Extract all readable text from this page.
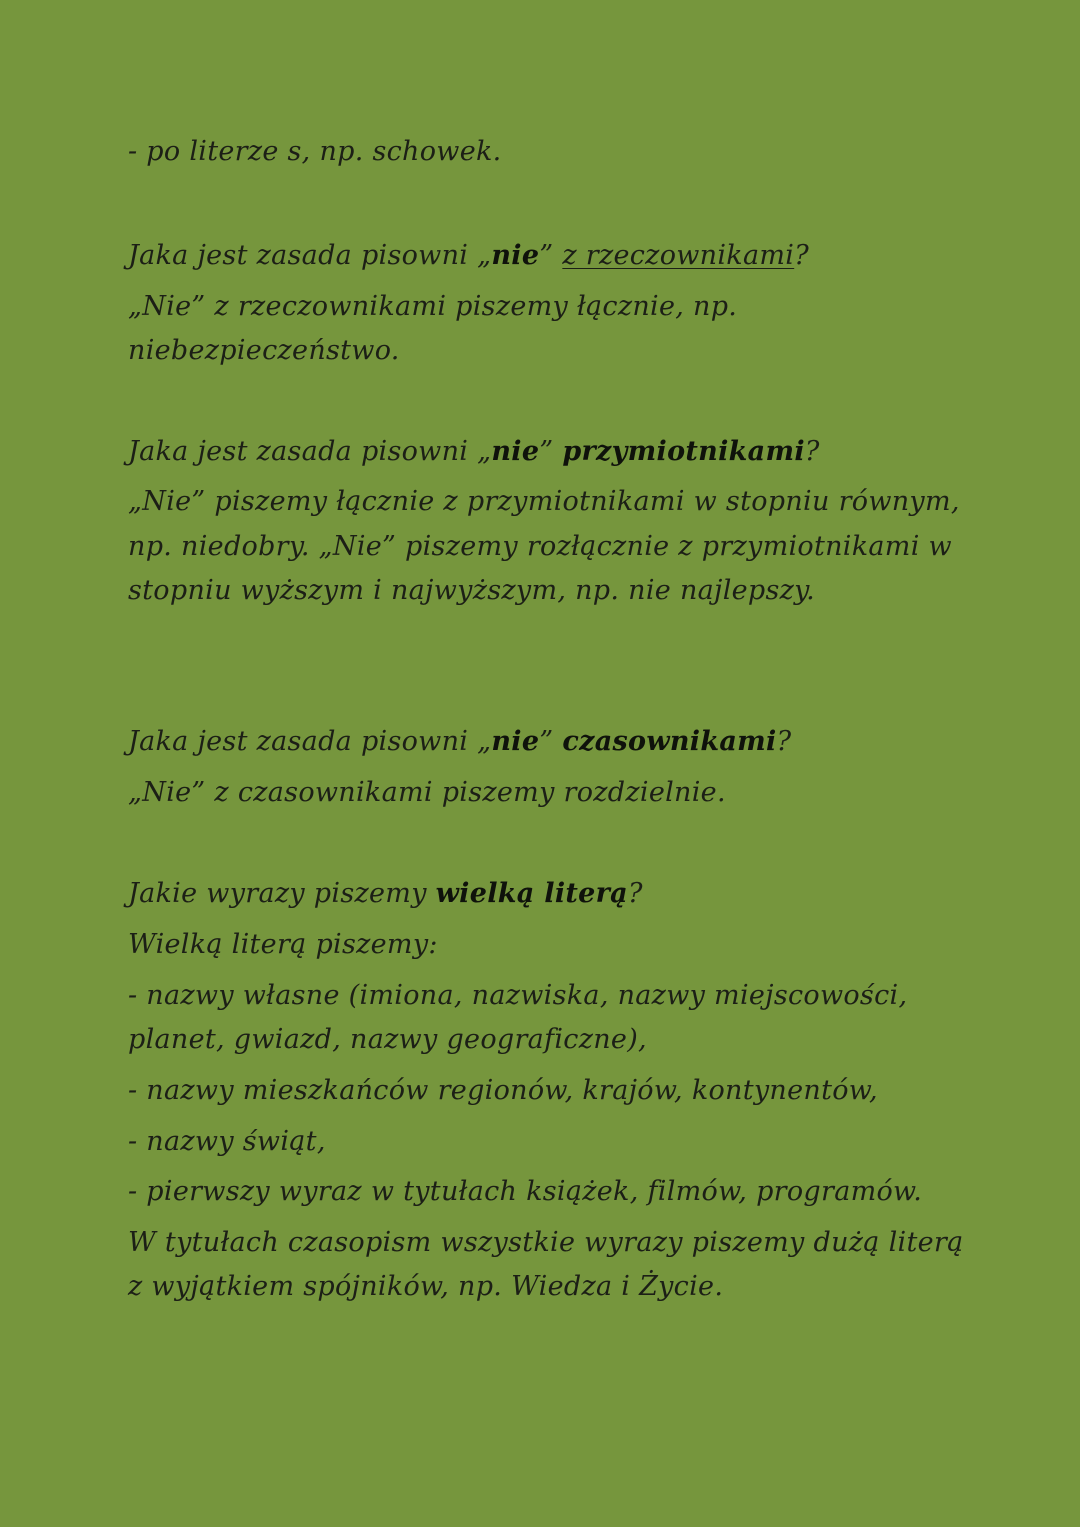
- po literze s, np. schowek.
Jaka jest zasada pisowni „nie” z rzeczownikami?
„Nie” z rzeczownikami piszemy łącznie, np.
niebezpieczeństwo.
Jaka jest zasada pisowni „nie” przymiotnikami?
„Nie” piszemy łącznie z przymiotnikami w stopniu równym,
np. niedobry. „Nie” piszemy rozłącznie z przymiotnikami w
stopniu wyższym i najwyższym, np. nie najlepszy.
Jaka jest zasada pisowni „nie” czasownikami?
„Nie” z czasownikami piszemy rozdzielnie.
Jakie wyrazy piszemy wielką literą?
Wielką literą piszemy:
- nazwy własne (imiona, nazwiska, nazwy miejscowości,
planet, gwiazd, nazwy geograficzne),
- nazwy mieszkańców regionów, krajów, kontynentów,
- nazwy świąt,
- pierwszy wyraz w tytułach książek, filmów, programów.
W tytułach czasopism wszystkie wyrazy piszemy dużą literą
z wyjątkiem spójników, np. Wiedza i Życie.
